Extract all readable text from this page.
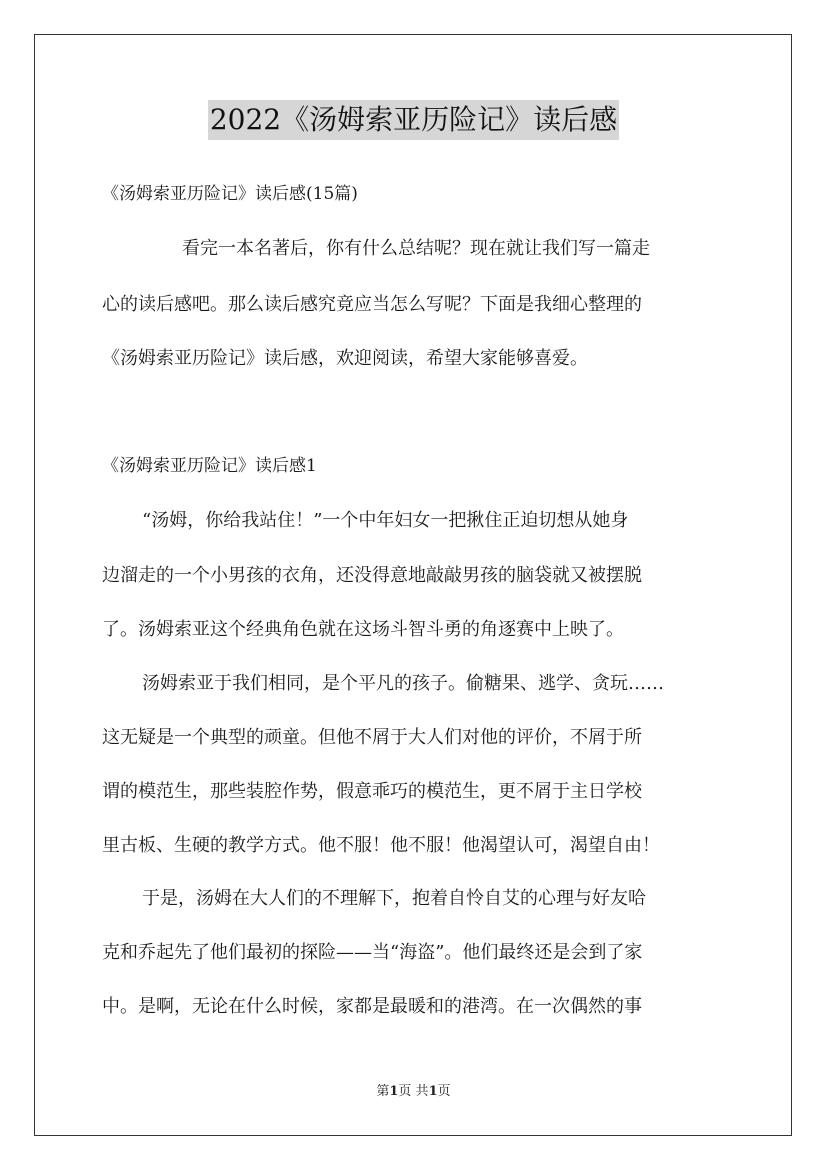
2022《汤姆索亚历险记》读后感
《汤姆索亚历险记》读后感(15篇)
看完一本名著后，你有什么总结呢？现在就让我们写一篇走
心的读后感吧。那么读后感究竟应当怎么写呢？下面是我细心整理的
《汤姆索亚历险记》读后感，欢迎阅读，希望大家能够喜爱。
《汤姆索亚历险记》读后感1
“汤姆，你给我站住！”一个中年妇女一把揪住正迫切想从她身
边溜走的一个小男孩的衣角，还没得意地敲敲男孩的脑袋就又被摆脱
了。汤姆索亚这个经典角色就在这场斗智斗勇的角逐赛中上映了。
汤姆索亚于我们相同，是个平凡的孩子。偷糖果、逃学、贪玩……
这无疑是一个典型的顽童。但他不屑于大人们对他的评价，不屑于所
谓的模范生，那些装腔作势，假意乖巧的模范生，更不屑于主日学校
里古板、生硬的教学方式。他不服！他不服！他渴望认可，渴望自由！
于是，汤姆在大人们的不理解下，抱着自怜自艾的心理与好友哈
克和乔起先了他们最初的探险——当“海盗”。他们最终还是会到了家
中。是啊，无论在什么时候，家都是最暖和的港湾。在一次偶然的事
第1页 共1页
